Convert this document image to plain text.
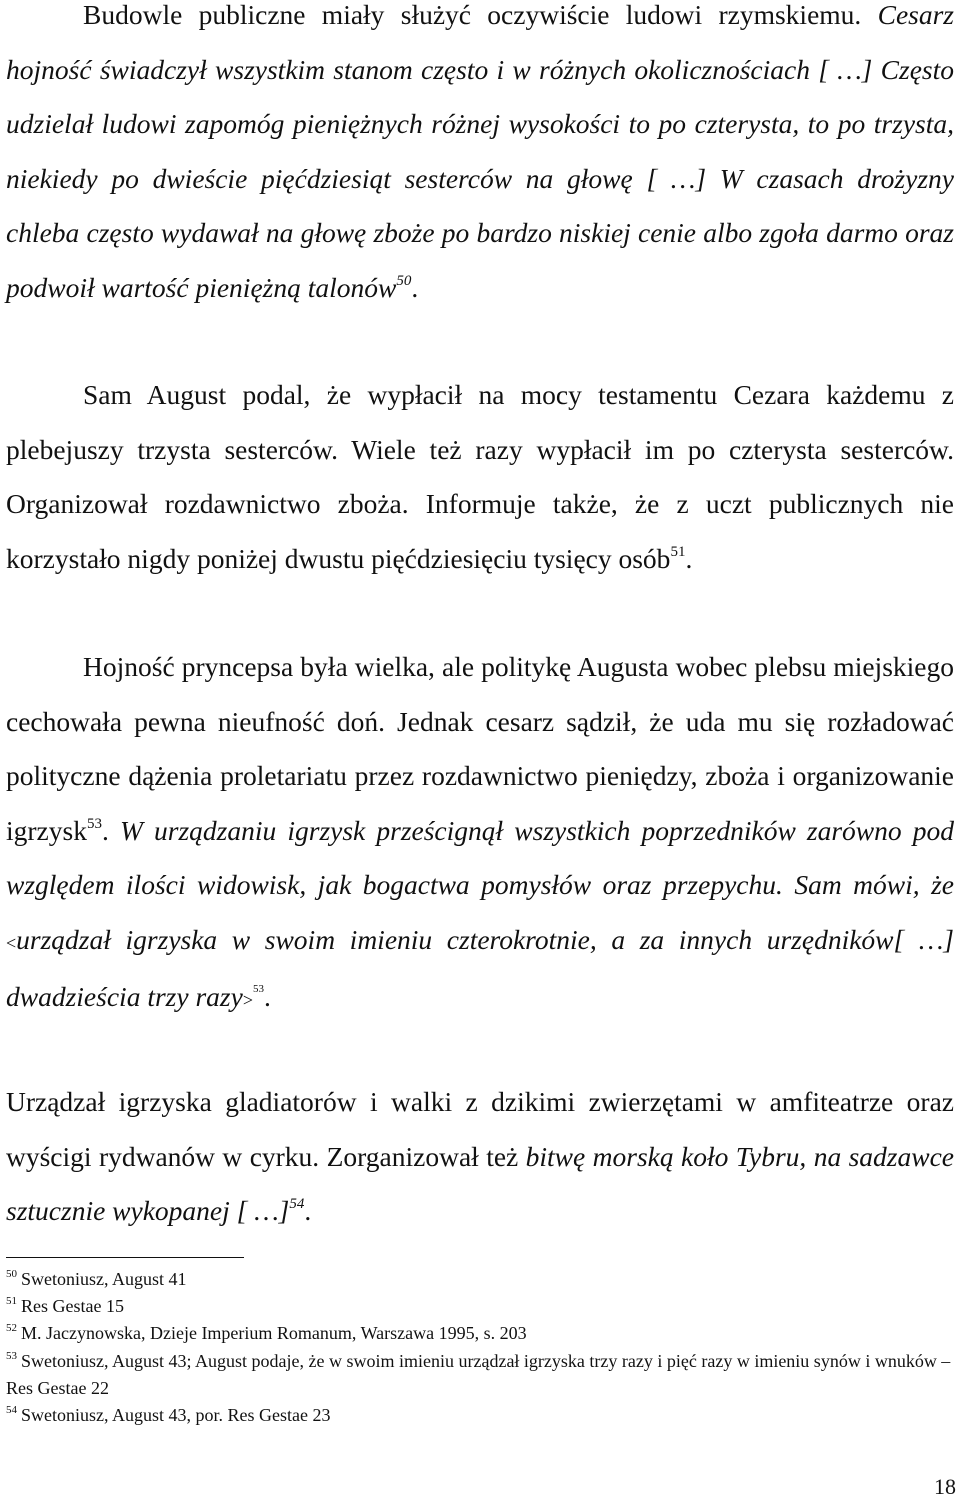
Budowle publiczne miały służyć oczywiście ludowi rzymskiemu. Cesarz hojność świadczył wszystkim stanom często i w różnych okolicznościach [ …] Często udzielał ludowi zapomóg pieniężnych różnej wysokości to po czterysta, to po trzysta, niekiedy po dwieście pięćdziesiąt sesterców na głowę [ …] W czasach drożyzny chleba często wydawał na głowę zboże po bardzo niskiej cenie albo zgoła darmo oraz podwoił wartość pieniężną talonów$^{50}$.

Sam August podal, że wypłacił na mocy testamentu Cezara każdemu z plebejuszy trzysta sesterców. Wiele też razy wypłacił im po czterysta sesterców. Organizował rozdawnictwo zboża. Informuje także, że z uczt publicznych nie korzystało nigdy poniżej dwustu pięćdziesięciu tysięcy osób$^{51}$.

Hojność pryncepsa była wielka, ale politykę Augusta wobec plebsu miejskiego cechowała pewna nieufność doń. Jednak cesarz sądził, że uda mu się rozładować polityczne dążenia proletariatu przez rozdawnictwo pieniędzy, zboża i organizowanie igrzysk$^{53}$. W urządzaniu igrzysk prześcignął wszystkich poprzedników zarówno pod względem ilości widowisk, jak bogactwa pomysłów oraz przepychu. Sam mówi, że <urządzał igrzyska w swoim imieniu czterokrotnie, a za innych urzędników[ …] dwadzieścia trzy razy>$^{53}$.

Urządzał igrzyska gladiatorów i walki z dzikimi zwierzętami w amfiteatrze oraz wyścigi rydwanów w cyrku. Zorganizował też bitwę morską koło Tybru, na sadzawce sztucznie wykopanej [ …]$^{54}$.

$^{50}$ Swetoniusz, August 41

$^{51}$ Res Gestae 15

$^{52}$ M. Jaczynowska, Dzieje Imperium Romanum, Warszawa 1995, s. 203

$^{53}$ Swetoniusz, August 43; August podaje, że w swoim imieniu urządzał igrzyska trzy razy i pięć razy w imieniu synów i wnuków – Res Gestae 22

$^{54}$ Swetoniusz, August 43, por. Res Gestae 23

18
